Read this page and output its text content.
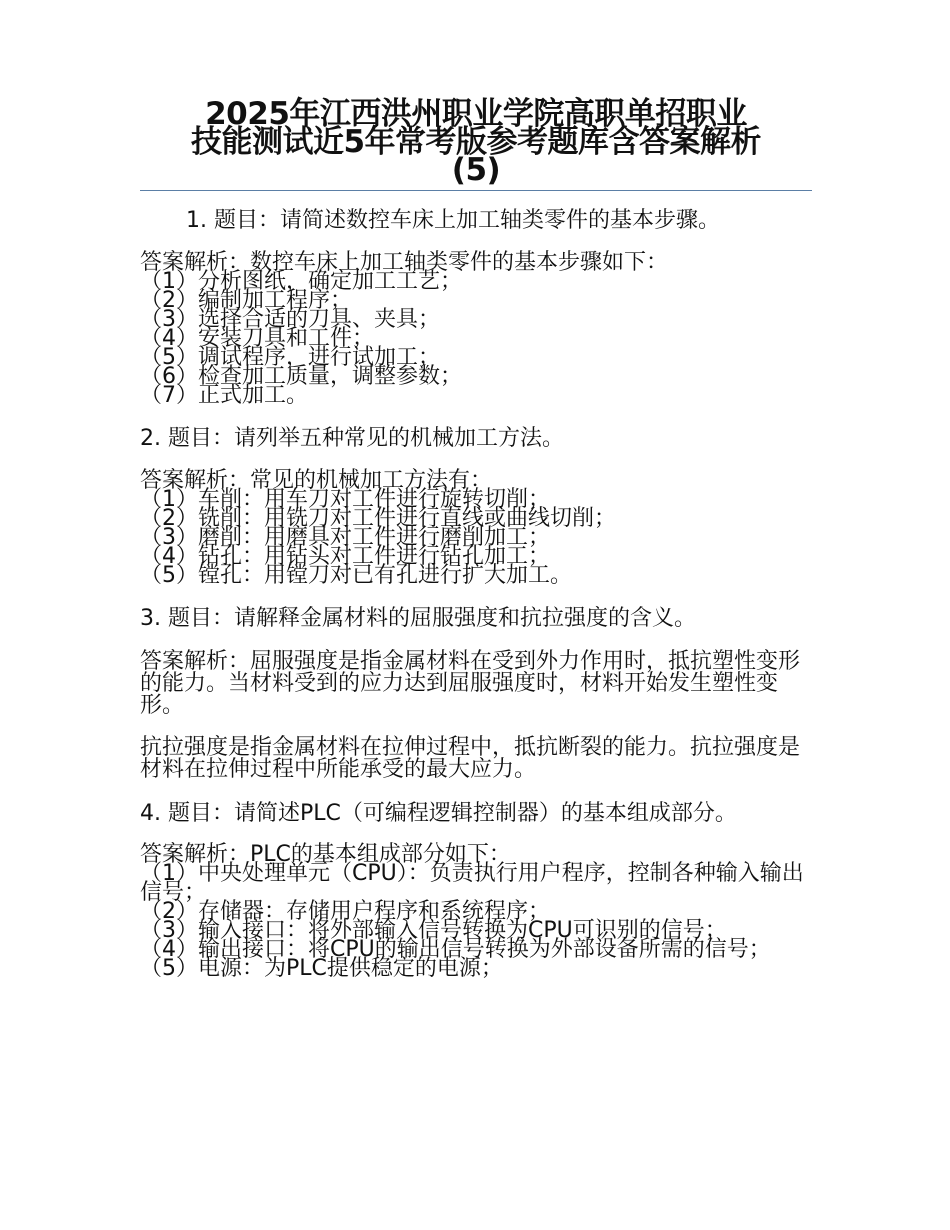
2025年江西洪州职业学院高职单招职业
技能测试近5年常考版参考题库含答案解析
(5)

1. 题目：请简述数控车床上加工轴类零件的基本步骤。

答案解析：数控车床上加工轴类零件的基本步骤如下：

（1）分析图纸，确定加工工艺；

（2）编制加工程序；

（3）选择合适的刀具、夹具；

（4）安装刀具和工件；

（5）调试程序，进行试加工；

（6）检查加工质量，调整参数；

（7）正式加工。

2. 题目：请列举五种常见的机械加工方法。

答案解析：常见的机械加工方法有：

（1）车削：用车刀对工件进行旋转切削；

（2）铣削：用铣刀对工件进行直线或曲线切削；

（3）磨削：用磨具对工件进行磨削加工；

（4）钻孔：用钻头对工件进行钻孔加工；

（5）镗孔：用镗刀对已有孔进行扩大加工。

3. 题目：请解释金属材料的屈服强度和抗拉强度的含义。

答案解析：屈服强度是指金属材料在受到外力作用时，抵抗塑性变形的能力。当材料受到的应力达到屈服强度时，材料开始发生塑性变形。

抗拉强度是指金属材料在拉伸过程中，抵抗断裂的能力。抗拉强度是材料在拉伸过程中所能承受的最大应力。

4. 题目：请简述PLC（可编程逻辑控制器）的基本组成部分。

答案解析：PLC的基本组成部分如下：

（1）中央处理单元（CPU）：负责执行用户程序，控制各种输入输出信号；

（2）存储器：存储用户程序和系统程序；

（3）输入接口：将外部输入信号转换为CPU可识别的信号；

（4）输出接口：将CPU的输出信号转换为外部设备所需的信号；

（5）电源：为PLC提供稳定的电源；
